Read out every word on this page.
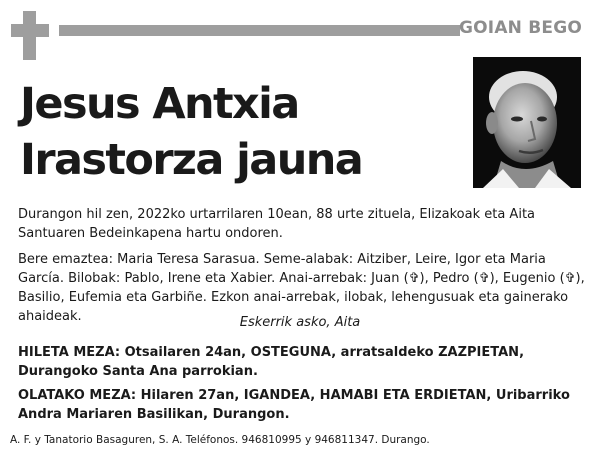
GOIAN BEGO
Jesus Antxia
Irastorza jauna

Durangon hil zen, 2022ko urtarrilaren 10ean, 88 urte zituela, Elizakoak eta Aita Santuaren Bedeinkapena hartu ondoren.

Bere emaztea: Maria Teresa Sarasua. Seme-alabak: Aitziber, Leire, Igor eta Maria García. Bilobak: Pablo, Irene eta Xabier. Anai-arrebak: Juan (✞), Pedro (✞), Eugenio (✞), Basilio, Eufemia eta Garbiñe. Ezkon anai-arrebak, ilobak, lehengusuak eta gainerako ahaideak.	Eskerrik asko, Aita

HILETA MEZA: Otsailaren 24an, OSTEGUNA, arratsaldeko ZAZPIETAN, Durangoko Santa Ana parrokian.

OLATAKO MEZA: Hilaren 27an, IGANDEA, HAMABI ETA ERDIETAN, Uribarriko Andra Mariaren Basilikan, Durangon.

A. F. y Tanatorio Basaguren, S. A. Teléfonos. 946810995 y 946811347. Durango.
